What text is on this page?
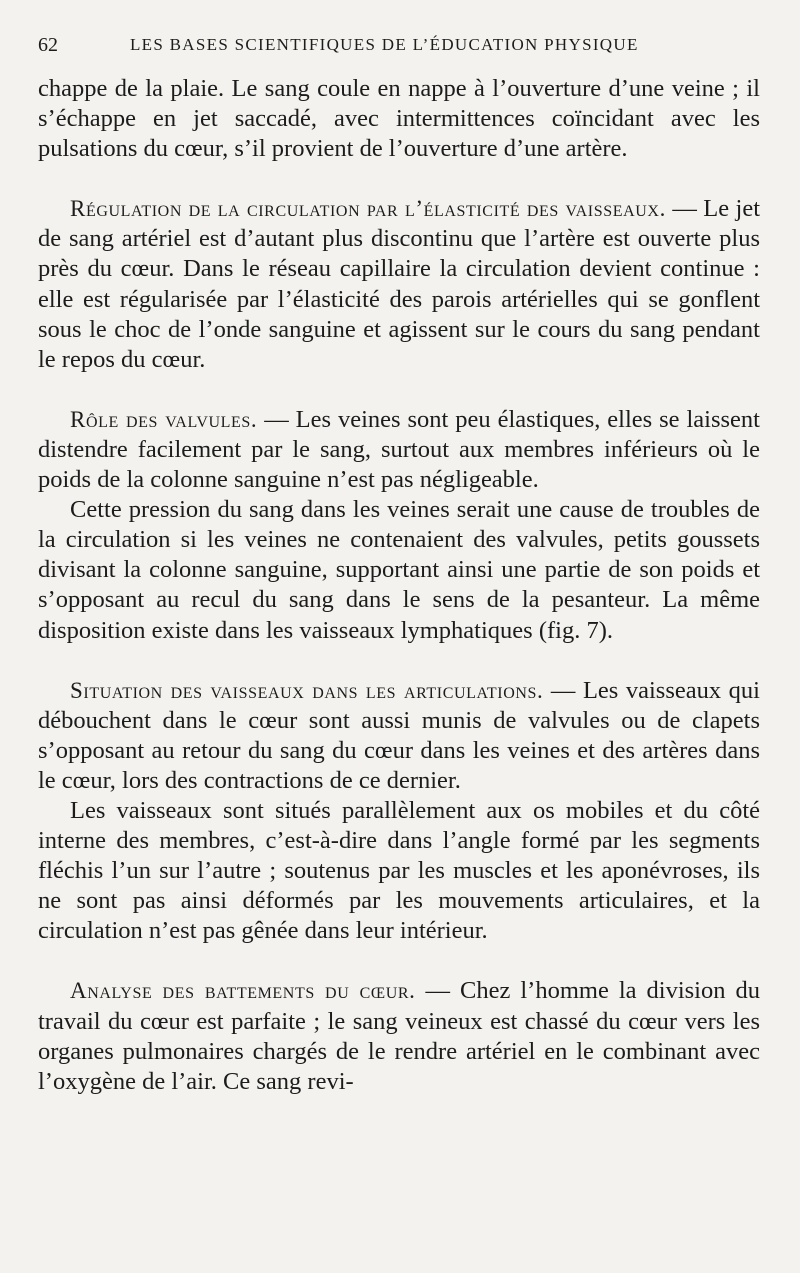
62	LES BASES SCIENTIFIQUES DE L’ÉDUCATION PHYSIQUE

chappe de la plaie. Le sang coule en nappe à l’ouverture d’une veine ; il s’échappe en jet saccadé, avec intermittences coïncidant avec les pulsations du cœur, s’il provient de l’ouverture d’une artère.

Régulation de la circulation par l’élasticité des vaisseaux. — Le jet de sang artériel est d’autant plus discontinu que l’artère est ouverte plus près du cœur. Dans le réseau capillaire la circulation devient continue : elle est régularisée par l’élasticité des parois artérielles qui se gonflent sous le choc de l’onde sanguine et agissent sur le cours du sang pendant le repos du cœur.

Rôle des valvules. — Les veines sont peu élastiques, elles se laissent distendre facilement par le sang, surtout aux membres inférieurs où le poids de la colonne sanguine n’est pas négligeable.

Cette pression du sang dans les veines serait une cause de troubles de la circulation si les veines ne contenaient des valvules, petits goussets divisant la colonne sanguine, supportant ainsi une partie de son poids et s’opposant au recul du sang dans le sens de la pesanteur. La même disposition existe dans les vaisseaux lymphatiques (fig. 7).

Situation des vaisseaux dans les articulations. — Les vaisseaux qui débouchent dans le cœur sont aussi munis de valvules ou de clapets s’opposant au retour du sang du cœur dans les veines et des artères dans le cœur, lors des contractions de ce dernier.

Les vaisseaux sont situés parallèlement aux os mobiles et du côté interne des membres, c’est-à-dire dans l’angle formé par les segments fléchis l’un sur l’autre ; soutenus par les muscles et les aponévroses, ils ne sont pas ainsi déformés par les mouvements articulaires, et la circulation n’est pas gênée dans leur intérieur.

Analyse des battements du cœur. — Chez l’homme la division du travail du cœur est parfaite ; le sang veineux est chassé du cœur vers les organes pulmonaires chargés de le rendre artériel en le combinant avec l’oxygène de l’air. Ce sang revi-
